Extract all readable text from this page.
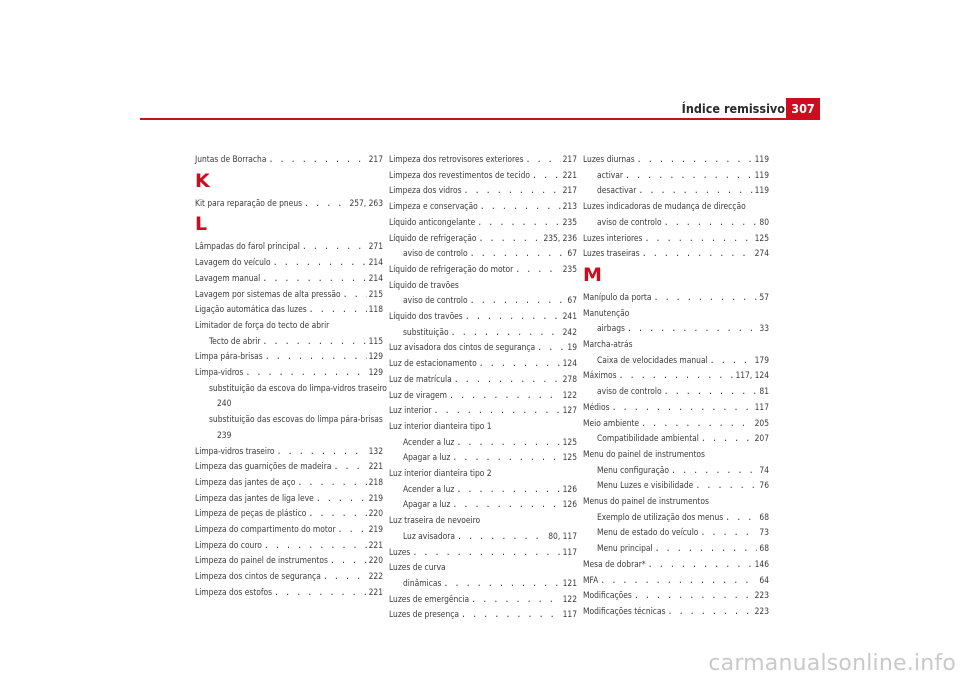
Índice remissivo 307
Juntas de Borracha . . .	217
K
Kit para reparação de pneus . . .	257, 263
L
Lâmpadas do farol principal . . .	271
Lavagem do veículo . . .	214
Lavagem manual . . .	214
Lavagem por sistemas de alta pressão . . .	215
Ligação automática das luzes . . .	118
Limitador de força do tecto de abrir
Tecto de abrir . . .	115
Limpa pára-brisas . . .	129
Limpa-vidros . . .	129
substituição da escova do limpa-vidros traseiro
240
substituição das escovas do limpa pára-brisas
239
Limpa-vidros traseiro . . .	132
Limpeza das guarnições de madeira . . .	221
Limpeza das jantes de aço . . .	218
Limpeza das jantes de liga leve . . .	219
Limpeza de peças de plástico . . .	220
Limpeza do compartimento do motor . . .	219
Limpeza do couro . . .	221
Limpeza do painel de instrumentos . . .	220
Limpeza dos cintos de segurança . . .	222
Limpeza dos estofos . . .	221
Limpeza dos retrovisores exteriores . . .	217
Limpeza dos revestimentos de tecido . . .	221
Limpeza dos vidros . . .	217
Limpeza e conservação . . .	213
Líquido anticongelante . . .	235
Líquido de refrigeração . . .	235, 236
aviso de controlo . . .	67
Líquido de refrigeração do motor . . .	235
Líquido de travões
aviso de controlo . . .	67
Líquido dos travões . . .	241
substituição . . .	242
Luz avisadora dos cintos de segurança . . .	19
Luz de estacionamento . . .	124
Luz de matrícula . . .	278
Luz de viragem . . .	122
Luz interior . . .	127
Luz interior dianteira tipo 1
Acender a luz . . .	125
Apagar a luz . . .	125
Luz interior dianteira tipo 2
Acender a luz . . .	126
Apagar a luz . . .	126
Luz traseira de nevoeiro
Luz avisadora . . .	80, 117
Luzes . . .	117
Luzes de curva
dinâmicas . . .	121
Luzes de emergência . . .	122
Luzes de presença . . .	117
Luzes diurnas . . .	119
activar . . .	119
desactivar . . .	119
Luzes indicadoras de mudança de direcção
aviso de controlo . . .	80
Luzes interiores . . .	125
Luzes traseiras . . .	274
M
Manípulo da porta . . .	57
Manutenção
airbags . . .	33
Marcha-atrás
Caixa de velocidades manual . . .	179
Máximos . . .	117, 124
aviso de controlo . . .	81
Médios . . .	117
Meio ambiente . . .	205
Compatibilidade ambiental . . .	207
Menu do painel de instrumentos
Menu configuração . . .	74
Menu Luzes e visibilidade . . .	76
Menus do painel de instrumentos
Exemplo de utilização dos menus . . .	68
Menu de estado do veículo . . .	73
Menu principal . . .	68
Mesa de dobrar* . . .	146
MFA . . .	64
Modificações . . .	223
Modificações técnicas . . .	223
carmanualsonline.info
